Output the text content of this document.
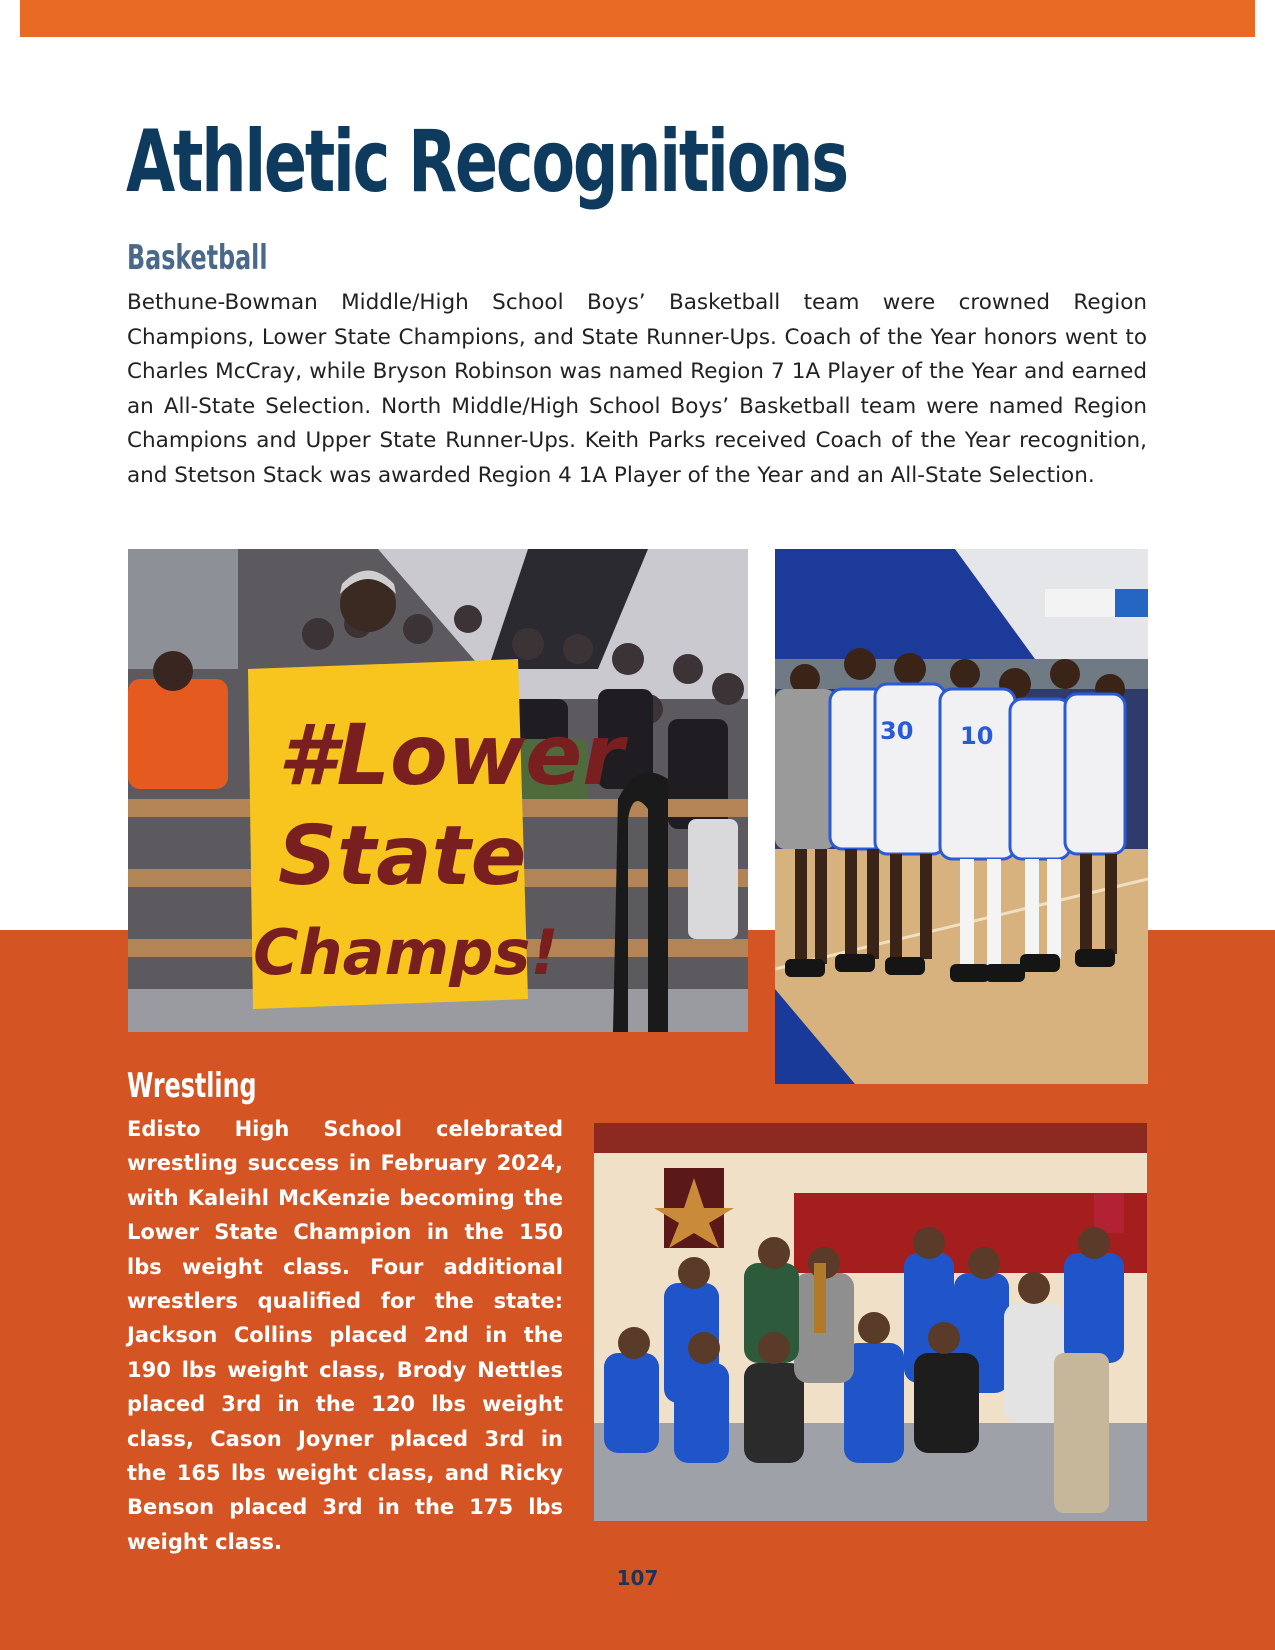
Athletic Recognitions
Basketball

Bethune-Bowman Middle/High School Boys’ Basketball team were crowned Region Champions, Lower State Champions, and State Runner-Ups. Coach of the Year honors went to Charles McCray, while Bryson Robinson was named Region 7 1A Player of the Year and earned an All-State Selection. North Middle/High School Boys’ Basketball team were named Region Champions and Upper State Runner-Ups. Keith Parks received Coach of the Year recognition, and Stetson Stack was awarded Region 4 1A Player of the Year and an All-State Selection.

#Lower
State
Champs!
30 10
Wrestling

Edisto High School celebrated wrestling success in February 2024, with Kaleihl McKenzie becoming the Lower State Champion in the 150 lbs weight class. Four additional wrestlers qualified for the state: Jackson Collins placed 2nd in the 190 lbs weight class, Brody Nettles placed 3rd in the 120 lbs weight class, Cason Joyner placed 3rd in the 165 lbs weight class, and Ricky Benson placed 3rd in the 175 lbs weight class.

107
